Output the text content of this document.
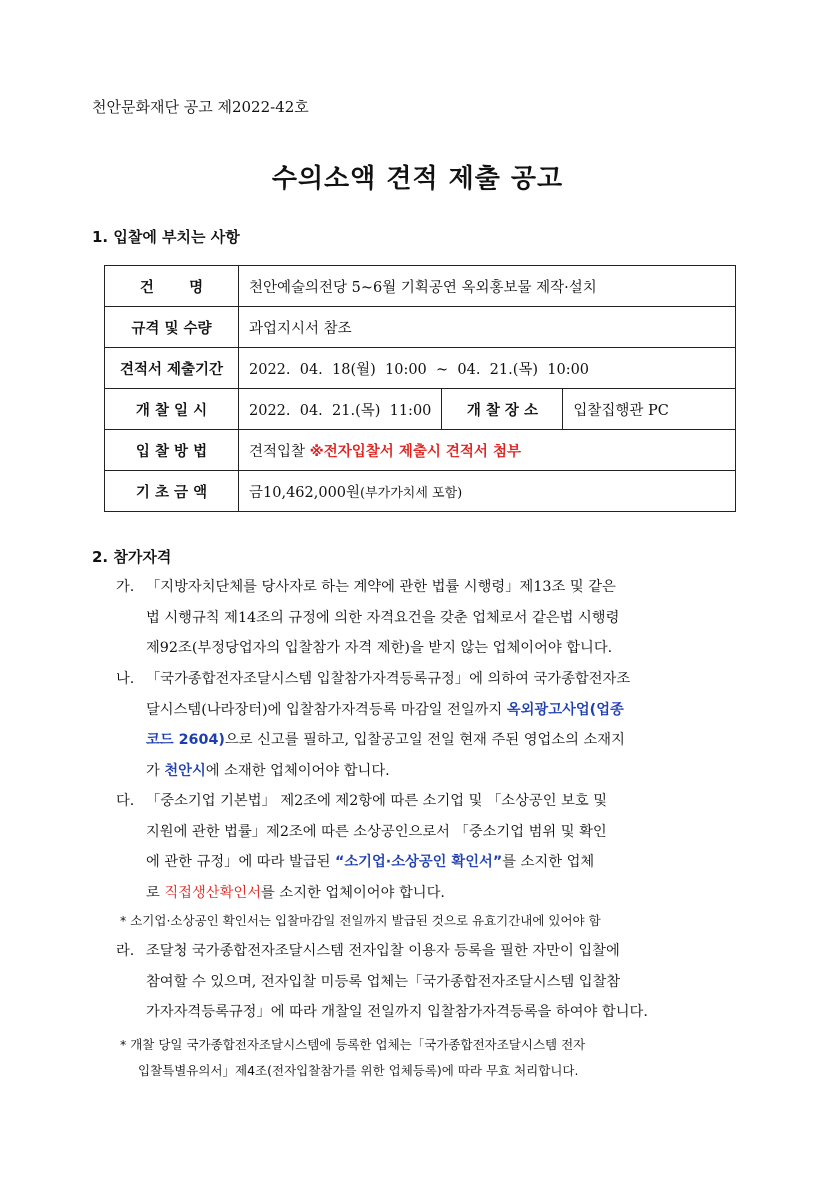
천안문화재단 공고 제2022-42호
수의소액 견적 제출 공고
1. 입찰에 부치는 사항
건       명	천안예술의전당 5~6월 기획공연 옥외홍보물 제작·설치		
규격 및 수량	과업지시서 참조		
견적서 제출기간	2022.  04.  18(월)  10:00  ~  04.  21.(목)  10:00		
개 찰 일 시	2022.  04.  21.(목)  11:00	개 찰 장 소	입찰집행관 PC
입 찰 방 법	견적입찰 ※전자입찰서 제출시 견적서 첨부		
기 초 금 액	금10,462,000원(부가가치세 포함)		
2. 참가자격
가. 「지방자치단체를 당사자로 하는 계약에 관한 법률 시행령」제13조 및 같은
법 시행규칙 제14조의 규정에 의한 자격요건을 갖춘 업체로서 같은법 시행령
제92조(부정당업자의 입찰참가 자격 제한)을 받지 않는 업체이어야 합니다.
나. 「국가종합전자조달시스템 입찰참가자격등록규정」에 의하여 국가종합전자조
달시스템(나라장터)에 입찰참가자격등록 마감일 전일까지 옥외광고사업(업종
코드 2604)으로 신고를 필하고, 입찰공고일 전일 현재 주된 영업소의 소재지
가 천안시에 소재한 업체이어야 합니다.
다. 「중소기업 기본법」 제2조에 제2항에 따른 소기업 및 「소상공인 보호 및
지원에 관한 법률」제2조에 따른 소상공인으로서 「중소기업 범위 및 확인
에 관한 규정」에 따라 발급된 “소기업·소상공인 확인서”를 소지한 업체
로 직접생산확인서를 소지한 업체이어야 합니다.
* 소기업·소상공인 확인서는 입찰마감일 전일까지 발급된 것으로 유효기간내에 있어야 함
라. 조달청 국가종합전자조달시스템 전자입찰 이용자 등록을 필한 자만이 입찰에
참여할 수 있으며, 전자입찰 미등록 업체는「국가종합전자조달시스템 입찰참
가자자격등록규정」에 따라 개찰일 전일까지 입찰참가자격등록을 하여야 합니다.
* 개찰 당일 국가종합전자조달시스템에 등록한 업체는「국가종합전자조달시스템 전자
입찰특별유의서」제4조(전자입찰참가를 위한 업체등록)에 따라 무효 처리합니다.
